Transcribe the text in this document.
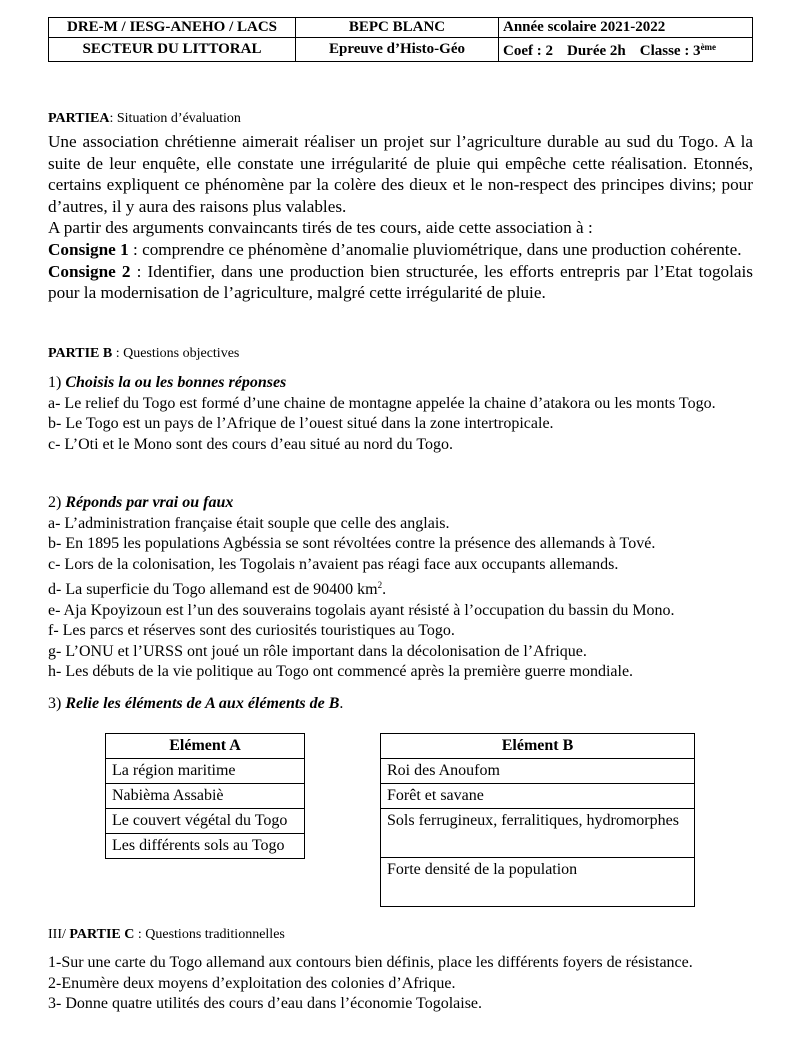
DRE-M / IESG-ANEHO / LACS	BEPC BLANC	Année scolaire 2021-2022
SECTEUR DU LITTORAL	Epreuve d’Histo-Géo	Coef : 2 Durée 2h Classe : 3ème
PARTIEA: Situation d’évaluation
Une association chrétienne aimerait réaliser un projet sur l’agriculture durable au sud du Togo. A la suite de leur enquête, elle constate une irrégularité de pluie qui empêche cette réalisation. Etonnés, certains expliquent ce phénomène par la colère des dieux et le non-respect des principes divins; pour d’autres, il y aura des raisons plus valables.
A partir des arguments convaincants tirés de tes cours, aide cette association à :
Consigne 1 : comprendre ce phénomène d’anomalie pluviométrique, dans une production cohérente.
Consigne 2 : Identifier, dans une production bien structurée, les efforts entrepris par l’Etat togolais pour la modernisation de l’agriculture, malgré cette irrégularité de pluie.
PARTIE B : Questions objectives
1) Choisis la ou les bonnes réponses
a- Le relief du Togo est formé d’une chaine de montagne appelée la chaine d’atakora ou les monts Togo.
b- Le Togo est un pays de l’Afrique de l’ouest situé dans la zone intertropicale.
c- L’Oti et le Mono sont des cours d’eau situé au nord du Togo.
2) Réponds par vrai ou faux
a- L’administration française était souple que celle des anglais.
b- En 1895 les populations Agbéssia se sont révoltées contre la présence des allemands à Tové.
c- Lors de la colonisation, les Togolais n’avaient pas réagi face aux occupants allemands.
d- La superficie du Togo allemand est de 90400 $km^2$.
e- Aja Kpoyizoun est l’un des souverains togolais ayant résisté à l’occupation du bassin du Mono.
f- Les parcs et réserves sont des curiosités touristiques au Togo.
g- L’ONU et l’URSS ont joué un rôle important dans la décolonisation de l’Afrique.
h- Les débuts de la vie politique au Togo ont commencé après la première guerre mondiale.
3) Relie les éléments de A aux éléments de B.
Elément A
La région maritime
Nabièma Assabiè
Le couvert végétal du Togo
Les différents sols au Togo
Elément B
Roi des Anoufom
Forêt et savane
Sols ferrugineux, ferralitiques, hydromorphes
Forte densité de la population
III/ PARTIE C : Questions traditionnelles
1-Sur une carte du Togo allemand aux contours bien définis, place les différents foyers de résistance.
2-Enumère deux moyens d’exploitation des colonies d’Afrique.
3- Donne quatre utilités des cours d’eau dans l’économie Togolaise.
